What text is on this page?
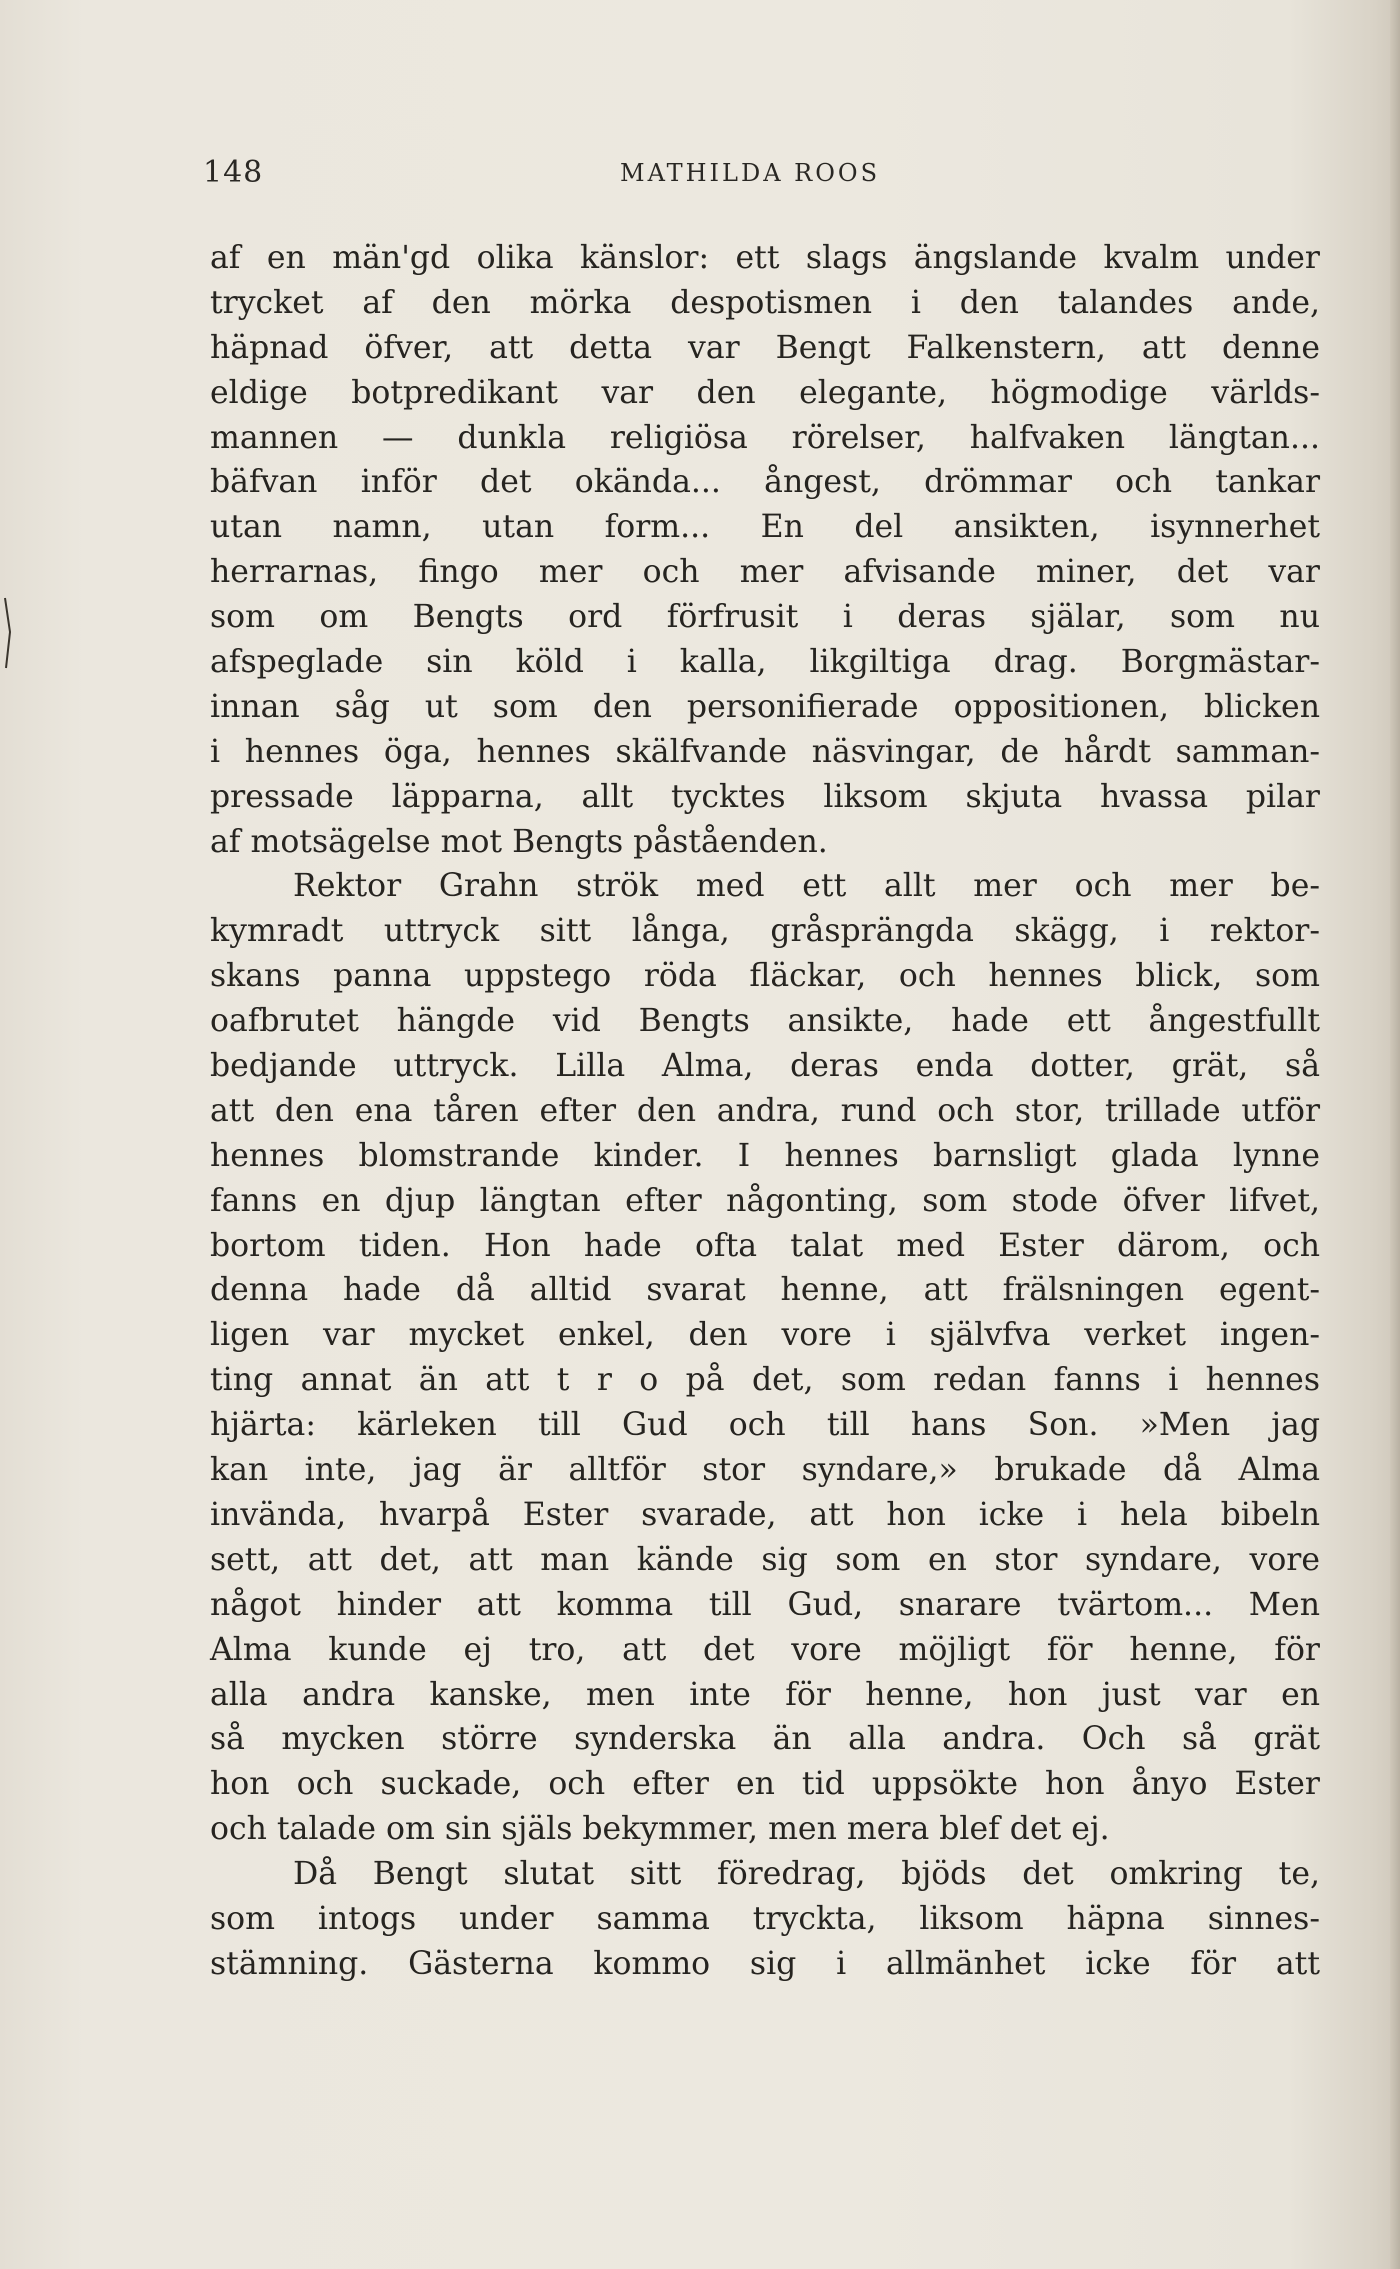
148	MATHILDA ROOS
af en män'gd olika känslor: ett slags ängslande kvalm under
trycket af den mörka despotismen i den talandes ande,
häpnad öfver, att detta var Bengt Falkenstern, att denne
eldige botpredikant var den elegante, högmodige världs-
mannen — dunkla religiösa rörelser, halfvaken längtan...
bäfvan inför det okända... ångest, drömmar och tankar
utan namn, utan form... En del ansikten, isynnerhet
herrarnas, fingo mer och mer afvisande miner, det var
som om Bengts ord förfrusit i deras själar, som nu
afspeglade sin köld i kalla, likgiltiga drag. Borgmästar-
innan såg ut som den personifierade oppositionen, blicken
i hennes öga, hennes skälfvande näsvingar, de hårdt samman-
pressade läpparna, allt tycktes liksom skjuta hvassa pilar
af motsägelse mot Bengts påståenden.
Rektor Grahn strök med ett allt mer och mer be-
kymradt uttryck sitt långa, gråsprängda skägg, i rektor-
skans panna uppstego röda fläckar, och hennes blick, som
oafbrutet hängde vid Bengts ansikte, hade ett ångestfullt
bedjande uttryck. Lilla Alma, deras enda dotter, grät, så
att den ena tåren efter den andra, rund och stor, trillade utför
hennes blomstrande kinder. I hennes barnsligt glada lynne
fanns en djup längtan efter någonting, som stode öfver lifvet,
bortom tiden. Hon hade ofta talat med Ester därom, och
denna hade då alltid svarat henne, att frälsningen egent-
ligen var mycket enkel, den vore i självfva verket ingen-
ting annat än att t r o på det, som redan fanns i hennes
hjärta: kärleken till Gud och till hans Son. »Men jag
kan inte, jag är alltför stor syndare,» brukade då Alma
invända, hvarpå Ester svarade, att hon icke i hela bibeln
sett, att det, att man kände sig som en stor syndare, vore
något hinder att komma till Gud, snarare tvärtom... Men
Alma kunde ej tro, att det vore möjligt för henne, för
alla andra kanske, men inte för henne, hon just var en
så mycken större synderska än alla andra. Och så grät
hon och suckade, och efter en tid uppsökte hon ånyo Ester
och talade om sin själs bekymmer, men mera blef det ej.
Då Bengt slutat sitt föredrag, bjöds det omkring te,
som intogs under samma tryckta, liksom häpna sinnes-
stämning. Gästerna kommo sig i allmänhet icke för att
